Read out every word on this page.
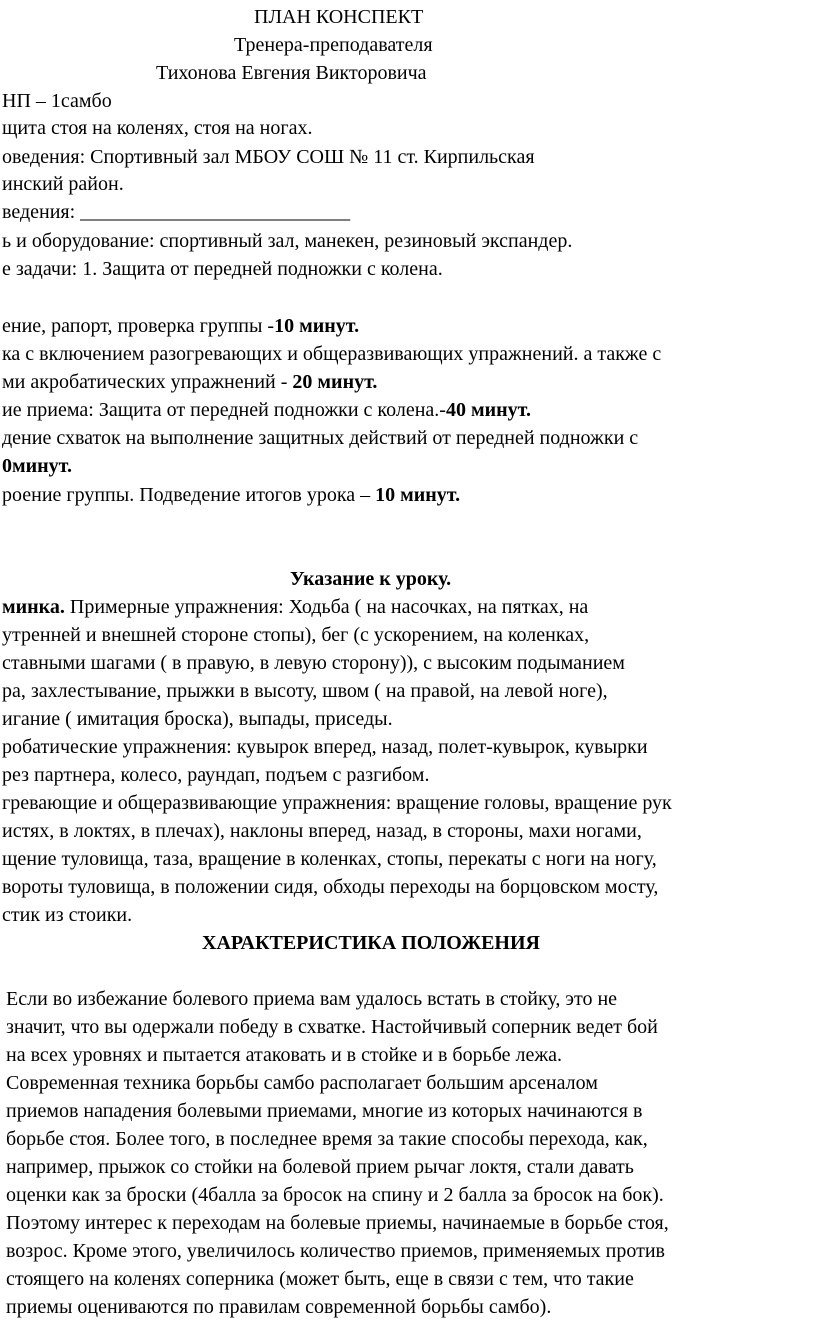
ПЛАН КОНСПЕКТ

Тренера-преподавателя

Тихонова Евгения Викторовича

НП – 1самбо

щита стоя на коленях, стоя на ногах.

оведения: Спортивный зал МБОУ СОШ № 11 ст. Кирпильская

инский район.

ведения: ___________________________

ь и оборудование: спортивный зал, манекен, резиновый экспандер.

е задачи: 1. Защита от передней подножки с колена.

ение, рапорт, проверка группы -10 минут.

ка с включением разогревающих и общеразвивающих упражнений. а также с

ми акробатических упражнений - 20 минут.

ие приема: Защита от передней подножки с колена.-40 минут.

дение схваток на выполнение защитных действий от передней подножки с

0минут.

роение группы. Подведение итогов урока – 10 минут.

Указание к уроку.

минка. Примерные упражнения: Ходьба ( на насочках, на пятках, на

утренней и внешней стороне стопы), бег (с ускорением, на коленках,

ставными шагами ( в правую, в левую сторону)), с высоким подыманием

ра, захлестывание, прыжки в высоту, швом ( на правой, на левой ноге),

игание ( имитация броска), выпады, приседы.

робатические упражнения: кувырок вперед, назад, полет-кувырок, кувырки

рез партнера, колесо, раундап, подъем с разгибом.

гревающие и общеразвивающие упражнения: вращение головы, вращение рук

истях, в локтях, в плечах), наклоны вперед, назад, в стороны, махи ногами,

щение туловища, таза, вращение в коленках, стопы, перекаты с ноги на ногу,

вороты туловища, в положении сидя, обходы переходы на борцовском мосту,

стик из стоики.

ХАРАКТЕРИСТИКА ПОЛОЖЕНИЯ

Если во избежание болевого приема вам удалось встать в стойку, это не

значит, что вы одержали победу в схватке. Настойчивый соперник ведет бой

на всех уровнях и пытается атаковать и в стойке и в борьбе лежа.

Современная техника борьбы самбо располагает большим арсеналом

приемов нападения болевыми приемами, многие из которых начинаются в

борьбе стоя. Более того, в последнее время за такие способы перехода, как,

например, прыжок со стойки на болевой прием рычаг локтя, стали давать

оценки как за броски (4балла за бросок на спину и 2 балла за бросок на бок).

Поэтому интерес к переходам на болевые приемы, начинаемые в борьбе стоя,

возрос. Кроме этого, увеличилось количество приемов, применяемых против

стоящего на коленях соперника (может быть, еще в связи с тем, что такие

приемы оцениваются по правилам современной борьбы самбо).
